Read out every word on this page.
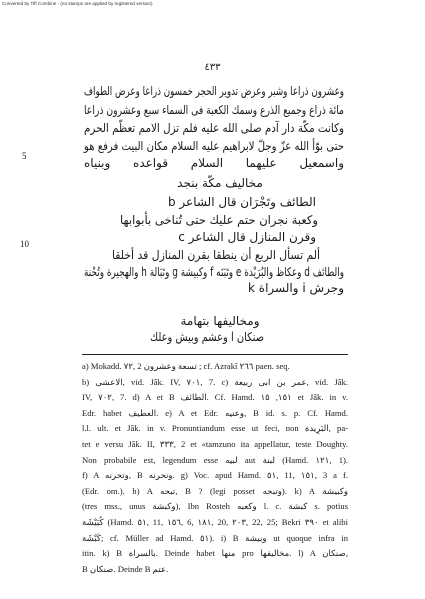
Converted by Tiff Combine - (no stamps are applied by registered version)
٤٣٣
5
10
وعشرون ذراعا وشبر وعرض تدوير الحجر خمسون ذراعا وعرض الطواف
مائة ذراع وجميع الذرع وسمك الكعبة فى السماء سبع وعشرون ذراعا
وكانت مكّة دار آدم صلى الله عليه فلم تزل الامم تعظّم الحرم
حتى بوّأ الله عزّ وجلّ لابراهيم عليه السلام مكان البيت فرفع هو
واسمعيل عليهما السلام قواعده وبنياه
مخاليف مكّة بنجد
الطائف وتَجْرَان قال الشاعر b
وكعبة نجران حتم عليك حتى تُناخى بأبوابها
وقرن المنازل قال الشاعر c
ألم تسأل الربع أن ينطقا بقرن المنازل قد أخلقا
والطائف d وعكاظ والبُرَيْدة e وتَبَنَه f وكبيشة g وتَبَالة h والهجيرة وتُحْنة
وجرش i والسراة k
ومخاليفها بتهامة
صنكان l وعشم وبيش وعلك
a) Mokadd. ٧٢, 2 تسعة وعشرون ; cf. Azrakî ٢٦٦ paen. seq.
b) الاعشى, vid. Jâk. IV, ٧٠١, 7. c) عمر بن ابى ربيعة, vid. Jâk.
IV, ٧٠٢, 7. d) A et B الطائف. Cf. Hamd. ١٥١, ١٥ et Jâk. in v.
Edr. habet العطيف. e) A et Edr. وعنيه, B id. s. p. Cf. Hamd.
l.l. ult. et Jâk. in v. Pronuntiandum esse ut feci, non البَرِيدة, pa-
tet e versu Jâk. II, ٣٣٣, 2 et «tamzuno ita appellatur, teste Doughty.
Non probabile est, legendum esse لبيه aut لبنة (Hamd. ١٢١, 1).
f) A وتحرنه, B ونحرنه. g) Voc. apud Hamd. ٥١, 11, ١٥١, 3 a f.
(Edr. om.). h) A تبحه, B ? (legi posset وتبحه). k) A وكبيشة
(tres mss., unus وكبشة), Ibn Rosteh وكعبه l. c. كبشة s. potius
كُبَيْشَة (Hamd. ٥١, 11, ١٥٦, 6, ١٨١, 20, ٢٠٣, 22, 25; Bekri ٣٩٠ et alibi
كَبْشَة; cf. Müller ad Hamd. ٥١). i) B وبيشة ut quoque infra in
itin. k) B بالسراة. Deinde habet منها pro مخاليفها. l) A صنكان,
B صنكان. Deinde B عتم.
